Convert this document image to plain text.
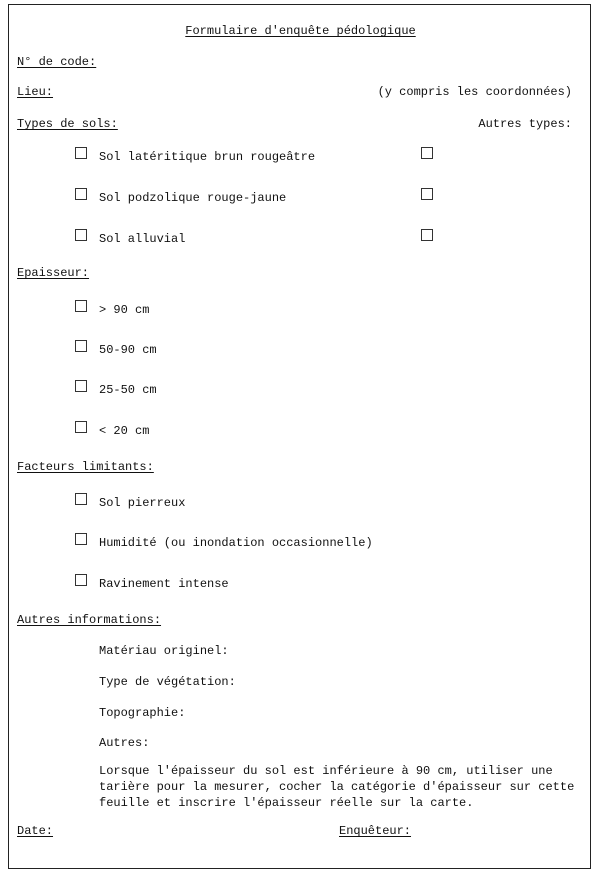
Formulaire d'enquête pédologique
N° de code:
Lieu:	(y compris les coordonnées)
Types de sols:	Autres types:
Sol latéritique brun rougeâtre
Sol podzolique rouge-jaune
Sol alluvial
Epaisseur:
> 90 cm
50-90 cm
25-50 cm
< 20 cm
Facteurs limitants:
Sol pierreux
Humidité (ou inondation occasionnelle)
Ravinement intense
Autres informations:
Matériau originel:
Type de végétation:
Topographie:
Autres:
Lorsque l'épaisseur du sol est inférieure à 90 cm, utiliser une tarière pour la mesurer, cocher la catégorie d'épaisseur sur cette feuille et inscrire l'épaisseur réelle sur la carte.
Date:	Enquêteur:
